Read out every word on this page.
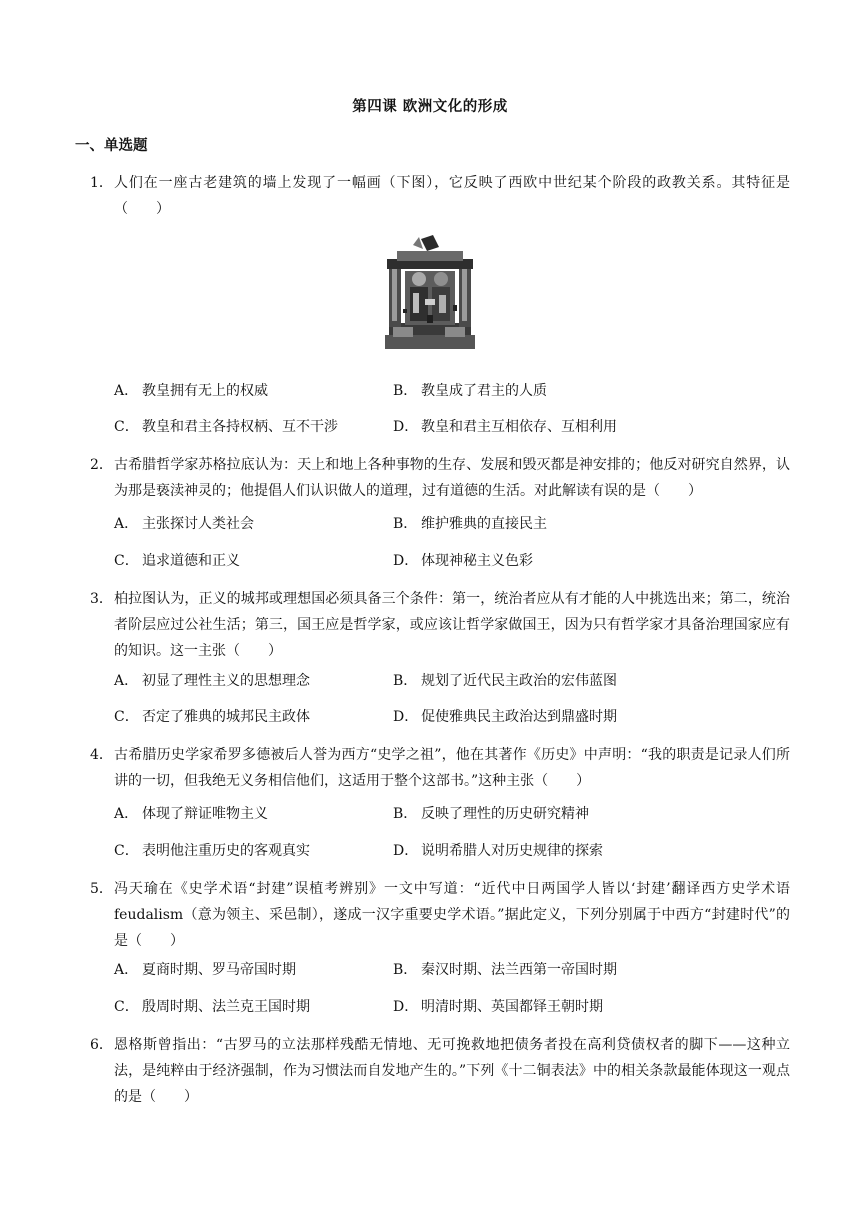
第四课 欧洲文化的形成
一、单选题
1． 人们在一座古老建筑的墙上发现了一幅画（下图），它反映了西欧中世纪某个阶段的政教关系。其特征是（　　）
A． 教皇拥有无上的权威	B． 教皇成了君主的人质
C． 教皇和君主各持权柄、互不干涉	D． 教皇和君主互相依存、互相利用
2． 古希腊哲学家苏格拉底认为：天上和地上各种事物的生存、发展和毁灭都是神安排的；他反对研究自然界，认为那是亵渎神灵的；他提倡人们认识做人的道理，过有道德的生活。对此解读有误的是（　　）
A． 主张探讨人类社会	B． 维护雅典的直接民主
C． 追求道德和正义	D． 体现神秘主义色彩
3． 柏拉图认为，正义的城邦或理想国必须具备三个条件：第一，统治者应从有才能的人中挑选出来；第二，统治者阶层应过公社生活；第三，国王应是哲学家，或应该让哲学家做国王，因为只有哲学家才具备治理国家应有的知识。这一主张（　　）
A． 初显了理性主义的思想理念	B． 规划了近代民主政治的宏伟蓝图
C． 否定了雅典的城邦民主政体	D． 促使雅典民主政治达到鼎盛时期
4． 古希腊历史学家希罗多德被后人誉为西方“史学之祖”，他在其著作《历史》中声明：“我的职责是记录人们所讲的一切，但我绝无义务相信他们，这适用于整个这部书。”这种主张（　　）
A． 体现了辩证唯物主义	B． 反映了理性的历史研究精神
C． 表明他注重历史的客观真实	D． 说明希腊人对历史规律的探索
5． 冯天瑜在《史学术语“封建”误植考辨别》一文中写道：“近代中日两国学人皆以‘封建’翻译西方史学术语 feudalism（意为领主、采邑制），遂成一汉字重要史学术语。”据此定义，下列分别属于中西方“封建时代”的是（　　）
A． 夏商时期、罗马帝国时期	B． 秦汉时期、法兰西第一帝国时期
C． 殷周时期、法兰克王国时期	D． 明清时期、英国都铎王朝时期
6． 恩格斯曾指出：“古罗马的立法那样残酷无情地、无可挽救地把债务者投在高利贷债权者的脚下——这种立法，是纯粹由于经济强制，作为习惯法而自发地产生的。”下列《十二铜表法》中的相关条款最能体现这一观点的是（　　）
